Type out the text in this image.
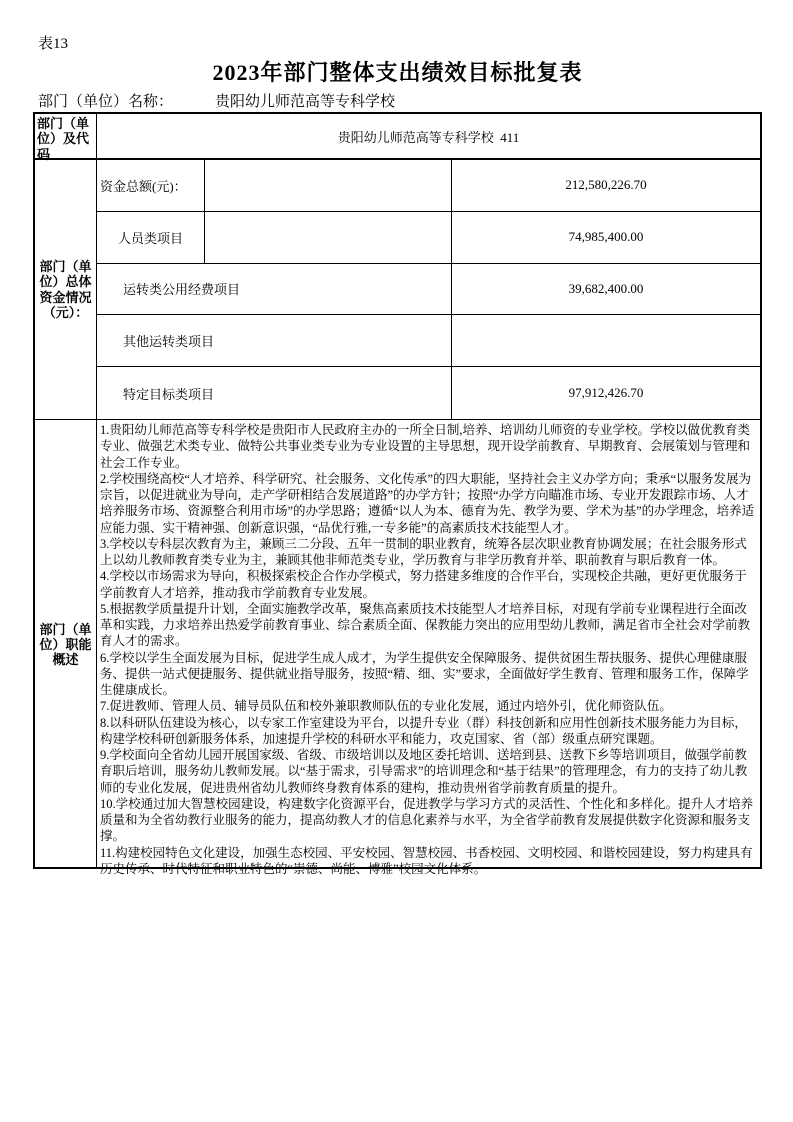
表13
2023年部门整体支出绩效目标批复表
部门（单位）名称：	贵阳幼儿师范高等专科学校
部门（单位）及代码
贵阳幼儿师范高等专科学校  411
部门（单位）总体资金情况（元）：
资金总额(元)：	212,580,226.70
人员类项目	74,985,400.00
运转类公用经费项目	39,682,400.00
其他运转类项目
特定目标类项目	97,912,426.70
部门（单位）职能概述
1.贵阳幼儿师范高等专科学校是贵阳市人民政府主办的一所全日制,培养、培训幼儿师资的专业学校。学校以做优教育类专业、做强艺术类专业、做特公共事业类专业为专业设置的主导思想，现开设学前教育、早期教育、会展策划与管理和社会工作专业。
2.学校围绕高校“人才培养、科学研究、社会服务、文化传承”的四大职能，坚持社会主义办学方向；秉承“以服务发展为宗旨，以促进就业为导向，走产学研相结合发展道路”的办学方针；按照“办学方向瞄准市场、专业开发跟踪市场、人才培养服务市场、资源整合利用市场”的办学思路；遵循“以人为本、德育为先、教学为要、学术为基”的办学理念，培养适应能力强、实干精神强、创新意识强，“品优行雅,一专多能”的高素质技术技能型人才。
3.学校以专科层次教育为主，兼顾三二分段、五年一贯制的职业教育，统筹各层次职业教育协调发展；在社会服务形式上以幼儿教师教育类专业为主，兼顾其他非师范类专业，学历教育与非学历教育并举、职前教育与职后教育一体。
4.学校以市场需求为导向，积极探索校企合作办学模式，努力搭建多维度的合作平台，实现校企共融，更好更优服务于学前教育人才培养，推动我市学前教育专业发展。
5.根据教学质量提升计划，全面实施教学改革，聚焦高素质技术技能型人才培养目标，对现有学前专业课程进行全面改革和实践，力求培养出热爱学前教育事业、综合素质全面、保教能力突出的应用型幼儿教师，满足省市全社会对学前教育人才的需求。
6.学校以学生全面发展为目标，促进学生成人成才，为学生提供安全保障服务、提供贫困生帮扶服务、提供心理健康服务、提供一站式便捷服务、提供就业指导服务，按照“精、细、实”要求，全面做好学生教育、管理和服务工作，保障学生健康成长。
7.促进教师、管理人员、辅导员队伍和校外兼职教师队伍的专业化发展，通过内培外引，优化师资队伍。
8.以科研队伍建设为核心，以专家工作室建设为平台，以提升专业（群）科技创新和应用性创新技术服务能力为目标，构建学校科研创新服务体系，加速提升学校的科研水平和能力，攻克国家、省（部）级重点研究课题。
9.学校面向全省幼儿园开展国家级、省级、市级培训以及地区委托培训、送培到县、送教下乡等培训项目，做强学前教育职后培训，服务幼儿教师发展。以“基于需求，引导需求”的培训理念和“基于结果”的管理理念，有力的支持了幼儿教师的专业化发展，促进贵州省幼儿教师终身教育体系的建构，推动贵州省学前教育质量的提升。
10.学校通过加大智慧校园建设，构建数字化资源平台，促进教学与学习方式的灵活性、个性化和多样化。提升人才培养质量和为全省幼教行业服务的能力，提高幼教人才的信息化素养与水平，为全省学前教育发展提供数字化资源和服务支撑。
11.构建校园特色文化建设，加强生态校园、平安校园、智慧校园、书香校园、文明校园、和谐校园建设，努力构建具有历史传承、时代特征和职业特色的“崇德、尚能、博雅”校园文化体系。
